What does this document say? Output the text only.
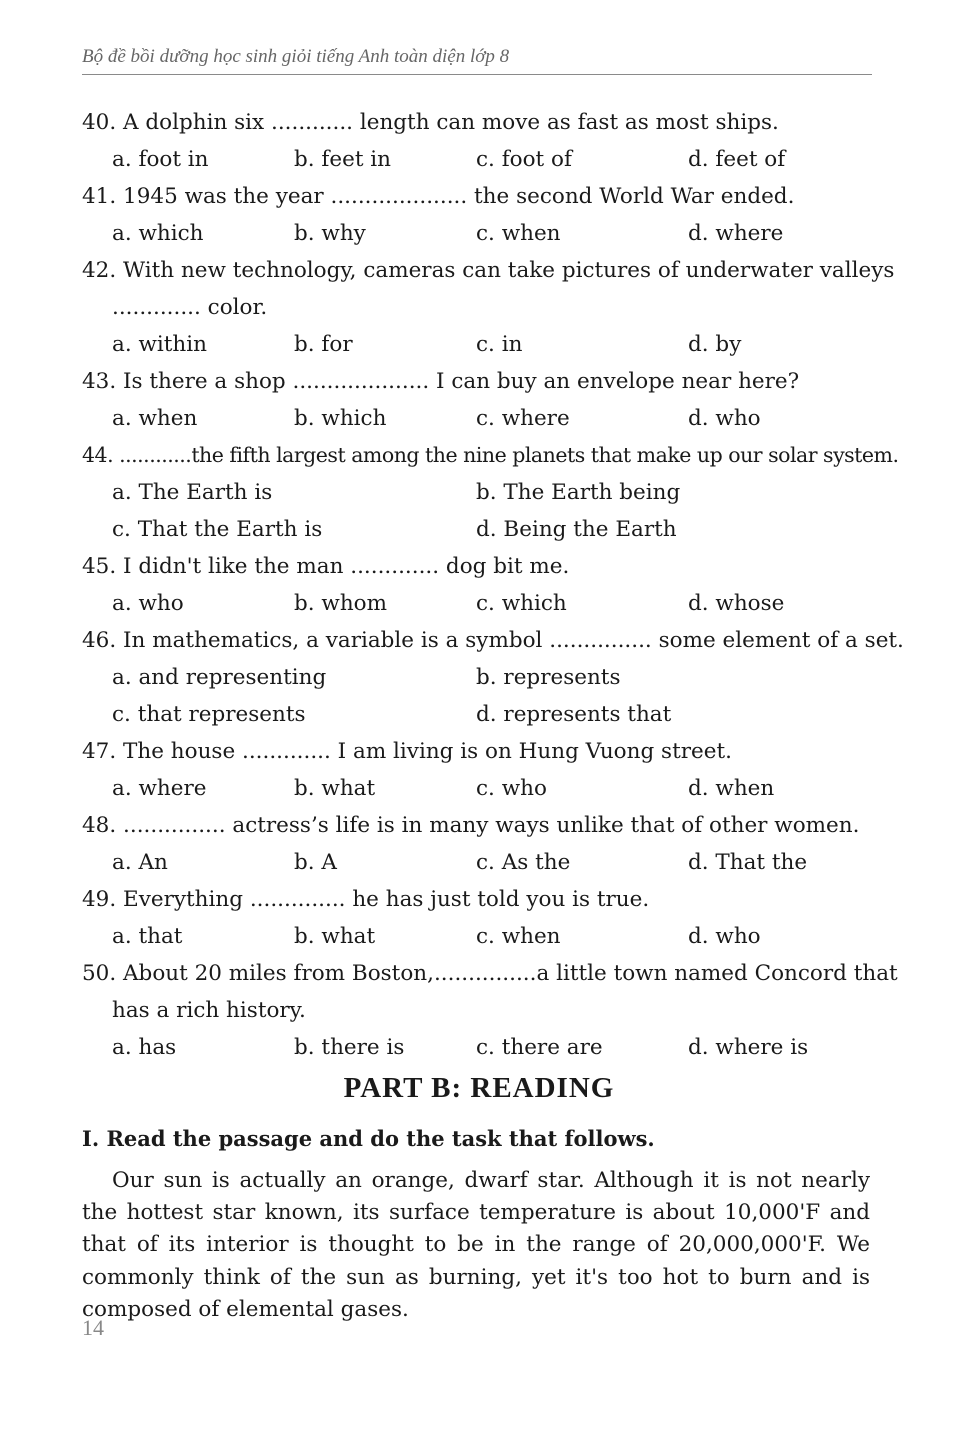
Bộ đề bồi dưỡng học sinh giỏi tiếng Anh toàn diện lớp 8
40. A dolphin six ............ length can move as fast as most ships.
a. foot in	b. feet in	c. foot of	d. feet of
41. 1945 was the year .................... the second World War ended.
a. which	b. why	c. when	d. where
42. With new technology, cameras can take pictures of underwater valleys
............. color.
a. within	b. for	c. in	d. by
43. Is there a shop .................... I can buy an envelope near here?
a. when	b. which	c. where	d. who
44. ............the fifth largest among the nine planets that make up our solar system.
a. The Earth is	b. The Earth being
c. That the Earth is	d. Being the Earth
45. I didn't like the man ............. dog bit me.
a. who	b. whom	c. which	d. whose
46. In mathematics, a variable is a symbol ............... some element of a set.
a. and representing	b. represents
c. that represents	d. represents that
47. The house ............. I am living is on Hung Vuong street.
a. where	b. what	c. who	d. when
48. ............... actress’s life is in many ways unlike that of other women.
a. An	b. A	c. As the	d. That the
49. Everything .............. he has just told you is true.
a. that	b. what	c. when	d. who
50. About 20 miles from Boston,...............a little town named Concord that
has a rich history.
a. has	b. there is	c. there are	d. where is
PART B: READING
I. Read the passage and do the task that follows.
Our sun is actually an orange, dwarf star. Although it is not nearly the hottest star known, its surface temperature is about 10,000'F and that of its interior is thought to be in the range of 20,000,000'F. We commonly think of the sun as burning, yet it's too hot to burn and is composed of elemental gases.
14
